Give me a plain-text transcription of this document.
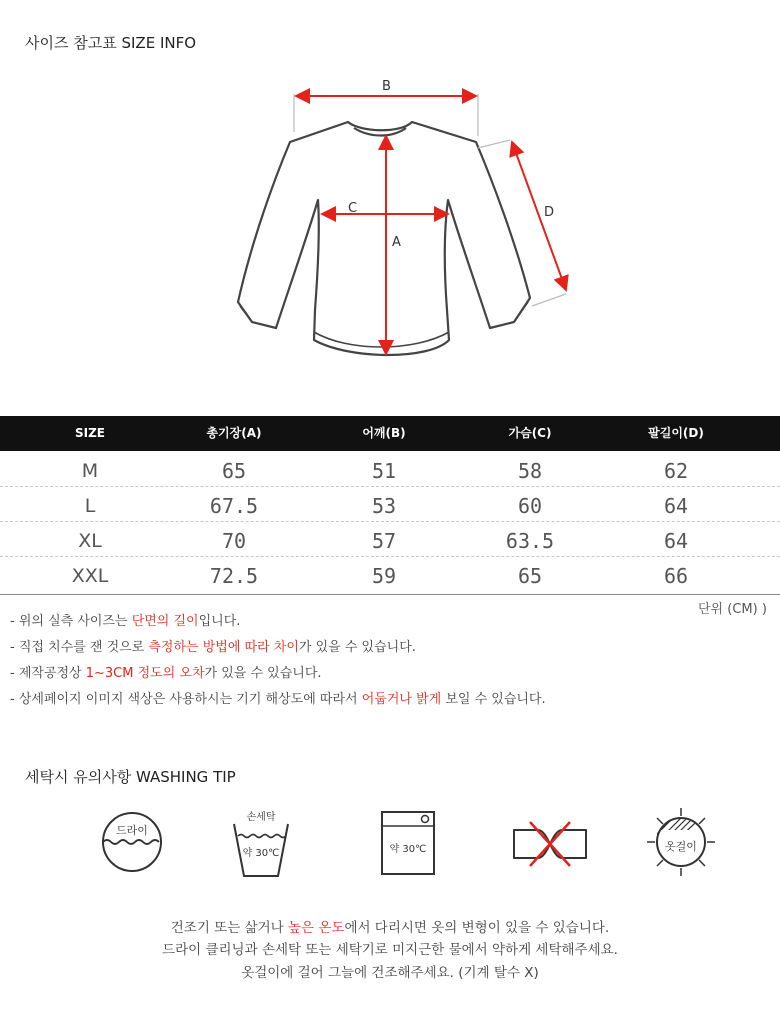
사이즈 참고표 SIZE INFO
B
A
C	D
SIZE	총기장(A)	어깨(B)	가슴(C)	팔길이(D)
M	65	51	58	62
L	67.5	53	60	64
XL	70	57	63.5	64
XXL	72.5	59	65	66
단위 (CM) )
- 위의 실측 사이즈는 단면의 길이입니다.
- 직접 치수를 잰 것으로 측정하는 방법에 따라 차이가 있을 수 있습니다.
- 제작공정상 1~3CM 정도의 오차가 있을 수 있습니다.
- 상세페이지 이미지 색상은 사용하시는 기기 해상도에 따라서 어둡거나 밝게 보일 수 있습니다.
세탁시 유의사항 WASHING TIP
드라이
손세탁
약 30℃	약 30℃	옷걸이
건조기 또는 삶거나 높은 온도에서 다리시면 옷의 변형이 있을 수 있습니다.
드라이 클리닝과 손세탁 또는 세탁기로 미지근한 물에서 약하게 세탁해주세요.
옷걸이에 걸어 그늘에 건조해주세요. (기계 탈수 X)
